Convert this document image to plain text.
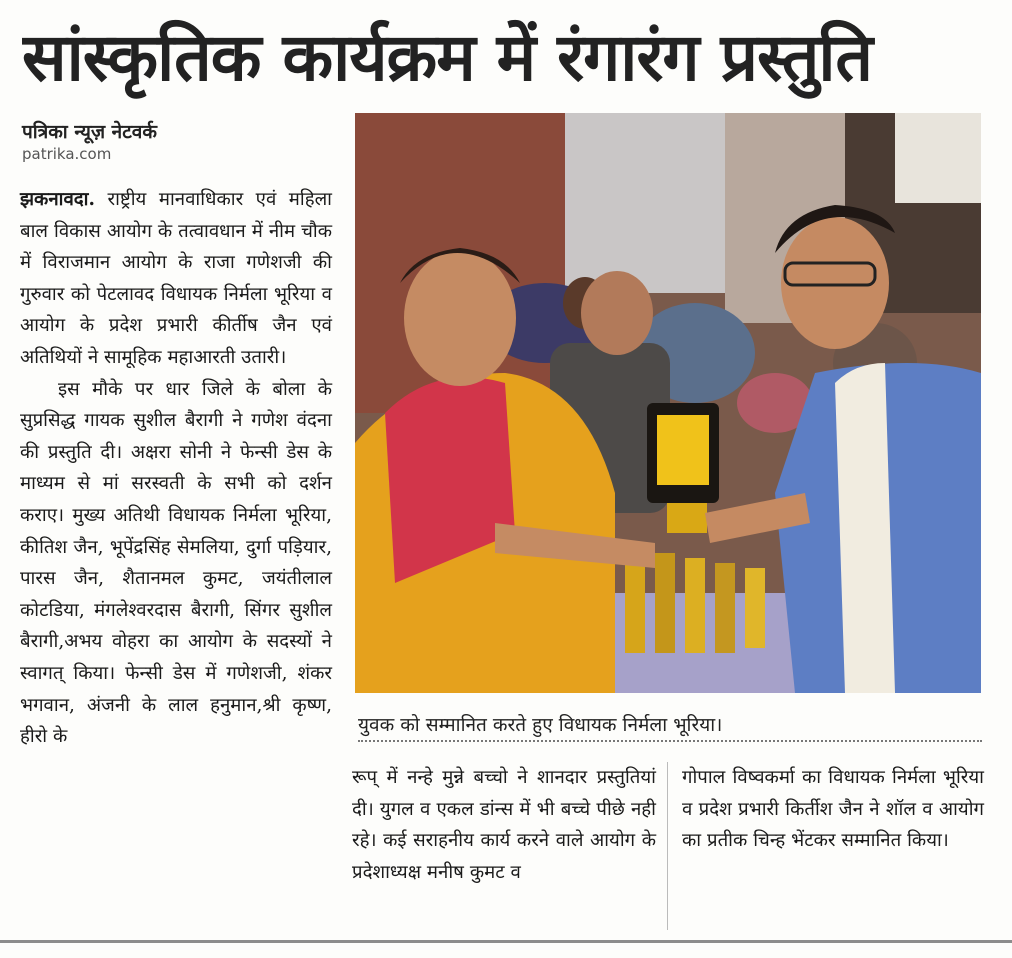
सांस्कृतिक कार्यक्रम में रंगारंग प्रस्तुति
पत्रिका न्यूज़ नेटवर्क
patrika.com

झकनावदा. राष्ट्रीय मानवाधिकार एवं महिला बाल विकास आयोग के तत्वावधान में नीम चौक में विराजमान आयोग के राजा गणेशजी की गुरुवार को पेटलावद विधायक निर्मला भूरिया व आयोग के प्रदेश प्रभारी कीर्तीष जैन एवं अतिथियों ने सामूहिक महाआरती उतारी।

इस मौके पर धार जिले के बोला के सुप्रसिद्ध गायक सुशील बैरागी ने गणेश वंदना की प्रस्तुति दी। अक्षरा सोनी ने फेन्सी डेस के माध्यम से मां सरस्वती के सभी को दर्शन कराए। मुख्य अतिथी विधायक निर्मला भूरिया, कीतिश जैन, भूपेंद्रसिंह सेमलिया, दुर्गा पड़ियार, पारस जैन, शैतानमल कुमट, जयंतीलाल कोटडिया, मंगलेश्वरदास बैरागी, सिंगर सुशील बैरागी,अभय वोहरा का आयोग के सदस्यों ने स्वागत् किया। फेन्सी डेस में गणेशजी, शंकर भगवान, अंजनी के लाल हनुमान,श्री कृष्ण, हीरो के

युवक को सम्मानित करते हुए विधायक निर्मला भूरिया।

रूप् में नन्हे मुन्ने बच्चो ने शानदार प्रस्तुतियां दी। युगल व एकल डांन्स में भी बच्चे पीछे नही रहे। कई सराहनीय कार्य करने वाले आयोग के प्रदेशाध्यक्ष मनीष कुमट व

गोपाल विष्वकर्मा का विधायक निर्मला भूरिया व प्रदेश प्रभारी किर्तीश जैन ने शॉल व आयोग का प्रतीक चिन्ह भेंटकर सम्मानित किया।
